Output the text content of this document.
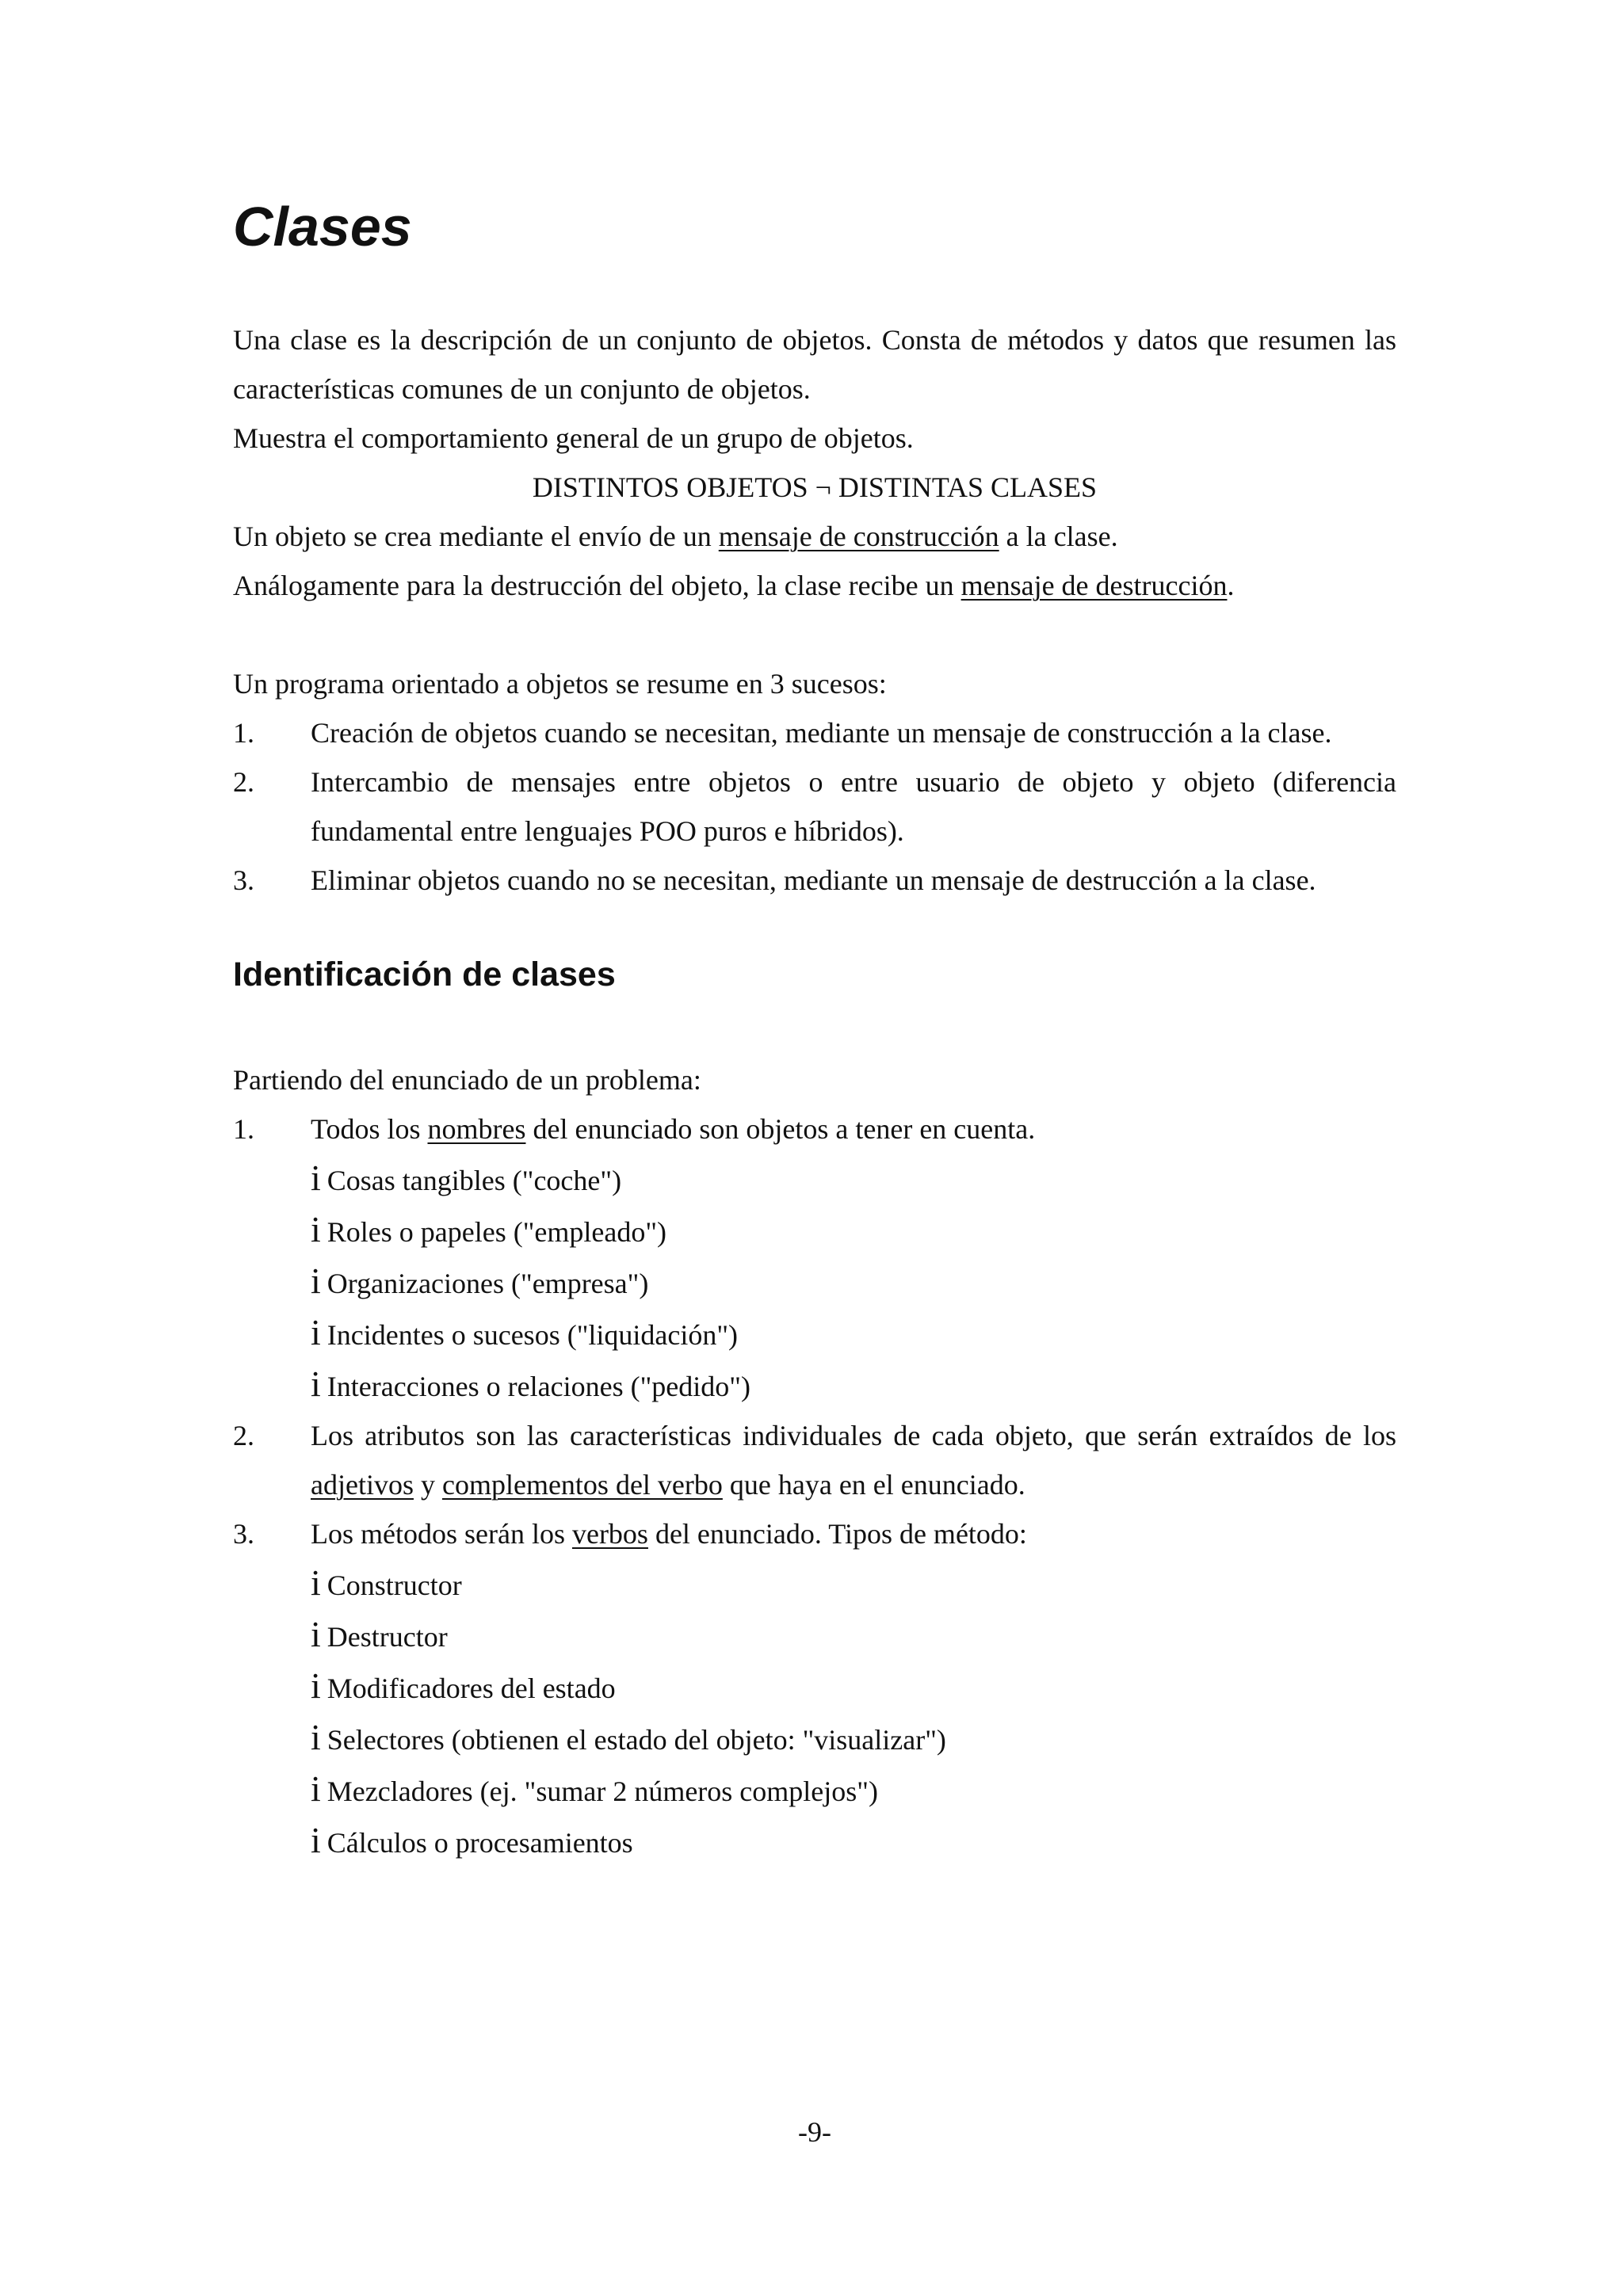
Clases

Una clase es la descripción de un conjunto de objetos. Consta de métodos y datos que resumen las características comunes de un conjunto de objetos.

Muestra el comportamiento general de un grupo de objetos.

DISTINTOS OBJETOS ¬ DISTINTAS CLASES

Un objeto se crea mediante el envío de un mensaje de construcción a la clase.

Análogamente para la destrucción del objeto, la clase recibe un mensaje de destrucción.

Un programa orientado a objetos se resume en 3 sucesos:

1.	Creación de objetos cuando se necesitan, mediante un mensaje de construcción a la clase.
2.	Intercambio de mensajes entre objetos o entre usuario de objeto y objeto (diferencia fundamental entre lenguajes POO puros e híbridos).
3.	Eliminar objetos cuando no se necesitan, mediante un mensaje de destrucción a la clase.
Identificación de clases

Partiendo del enunciado de un problema:

1.	Todos los nombres del enunciado son objetos a tener en cuenta.
i Cosas tangibles ("coche")
i Roles o papeles ("empleado")
i Organizaciones ("empresa")
i Incidentes o sucesos ("liquidación")
i Interacciones o relaciones ("pedido")
2.	Los atributos son las características individuales de cada objeto, que serán extraídos de los adjetivos y complementos del verbo que haya en el enunciado.
3.	Los métodos serán los verbos del enunciado. Tipos de método:
i Constructor
i Destructor
i Modificadores del estado
i Selectores (obtienen el estado del objeto: "visualizar")
i Mezcladores (ej. "sumar 2 números complejos")
i Cálculos o procesamientos
-9-
